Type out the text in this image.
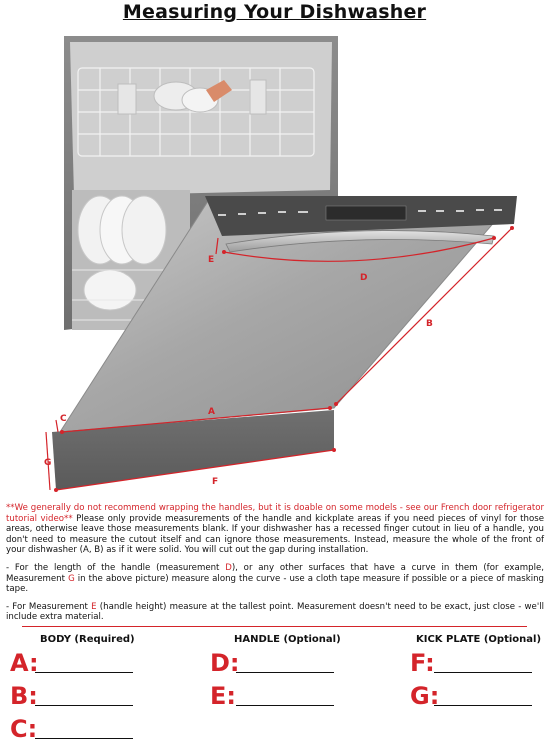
Measuring Your Dishwasher
A
B
C
D
E
F
G

**We generally do not recommend wrapping the handles, but it is doable on some models - see our French door refrigerator tutorial video** Please only provide measurements of the handle and kickplate areas if you need pieces of vinyl for those areas, otherwise leave those measurements blank. If your dishwasher has a recessed finger cutout in lieu of a handle, you don't need to measure the cutout itself and can ignore those measurements. Instead, measure the whole of the front of your dishwasher (A, B) as if it were solid. You will cut out the gap during installation.

- For the length of the handle (measurement D), or any other surfaces that have a curve in them (for example, Measurement G in the above picture) measure along the curve - use a cloth tape measure if possible or a piece of masking tape.

- For Measurement E (handle height) measure at the tallest point. Measurement doesn't need to be exact, just close - we'll include extra material.

BODY (Required)
A:
B:
C:
HANDLE (Optional)
D:
E:
KICK PLATE (Optional)
F:
G:
